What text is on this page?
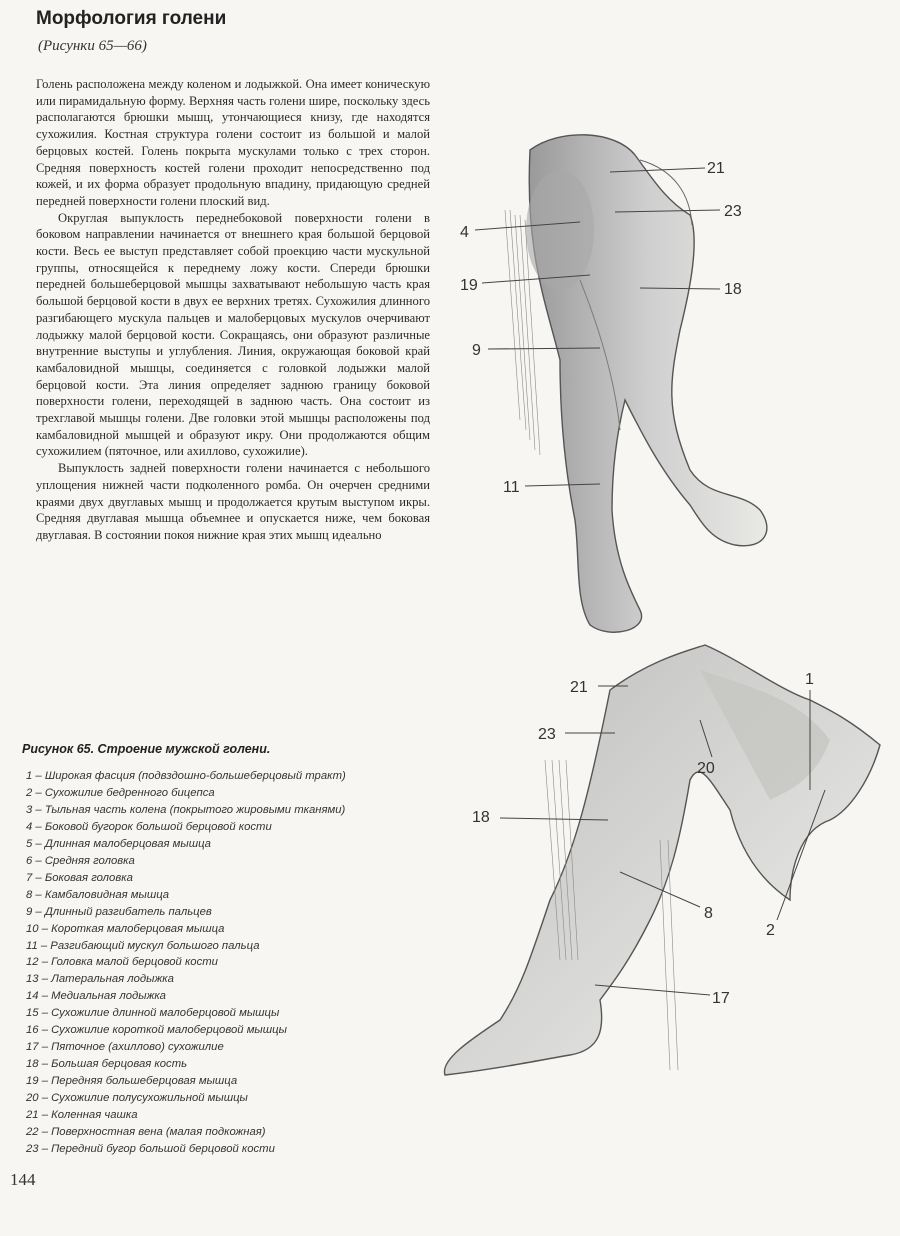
Морфология голени
(Рисунки 65—66)

Голень расположена между коленом и лодыжкой. Она имеет коническую или пирамидальную форму. Верхняя часть голени шире, поскольку здесь располагаются брюшки мышц, утончающиеся книзу, где находятся сухожилия. Костная структура голени состоит из большой и малой берцовых костей. Голень покрыта мускулами только с трех сторон. Средняя поверхность костей голени проходит непосредственно под кожей, и их форма образует продольную впадину, придающую средней передней поверхности голени плоский вид.

Округлая выпуклость переднебоковой поверхности голени в боковом направлении начинается от внешнего края большой берцовой кости. Весь ее выступ представляет собой проекцию части мускульной группы, относящейся к переднему ложу кости. Спереди брюшки передней большеберцовой мышцы захватывают небольшую часть края большой берцовой кости в двух ее верхних третях. Сухожилия длинного разгибающего мускула пальцев и малоберцовых мускулов очерчивают лодыжку малой берцовой кости. Сокращаясь, они образуют различные внутренние выступы и углубления. Линия, окружающая боковой край камбаловидной мышцы, соединяется с головкой лодыжки малой берцовой кости. Эта линия определяет заднюю границу боковой поверхности голени, переходящей в заднюю часть. Она состоит из трехглавой мышцы голени. Две головки этой мышцы расположены под камбаловидной мышцей и образуют икру. Они продолжаются общим сухожилием (пяточное, или ахиллово, сухожилие).

Выпуклость задней поверхности голени начинается с небольшого уплощения нижней части подколенного ромба. Он очерчен средними краями двух двуглавых мышц и продолжается крутым выступом икры. Средняя двуглавая мышца объемнее и опускается ниже, чем боковая двуглавая. В состоянии покоя нижние края этих мышц идеально

21
23
4
18
19
9
11
21	1
23
20
18
8
2
17
Рисунок 65. Строение мужской голени.
1 – Широкая фасция (подвздошно-большеберцовый тракт)
2 – Сухожилие бедренного бицепса
3 – Тыльная часть колена (покрытого жировыми тканями)
4 – Боковой бугорок большой берцовой кости
5 – Длинная малоберцовая мышца
6 – Средняя головка
7 – Боковая головка
8 – Камбаловидная мышца
9 – Длинный разгибатель пальцев
10 – Короткая малоберцовая мышца
11 – Разгибающий мускул большого пальца
12 – Головка малой берцовой кости
13 – Латеральная лодыжка
14 – Медиальная лодыжка
15 – Сухожилие длинной малоберцовой мышцы
16 – Сухожилие короткой малоберцовой мышцы
17 – Пяточное (ахиллово) сухожилие
18 – Большая берцовая кость
19 – Передняя большеберцовая мышца
20 – Сухожилие полусухожильной мышцы
21 – Коленная чашка
22 – Поверхностная вена (малая подкожная)
23 – Передний бугор большой берцовой кости
144
